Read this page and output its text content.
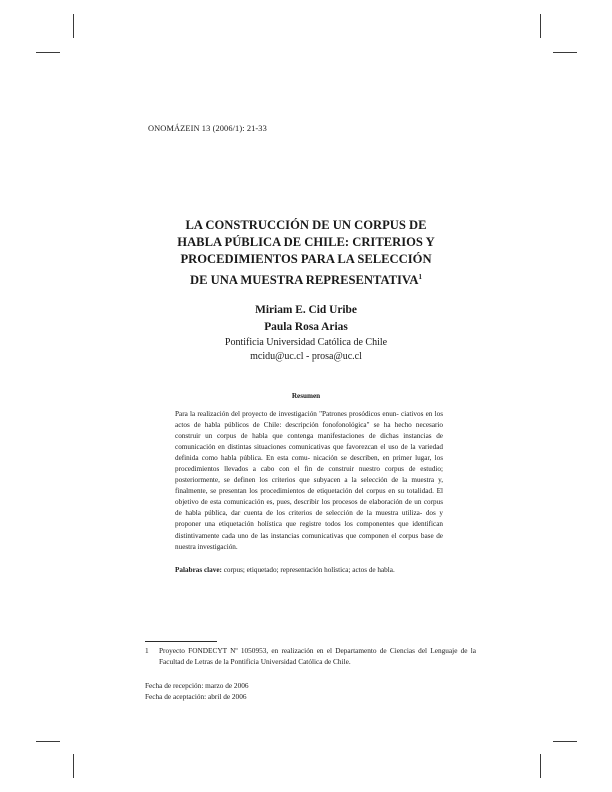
ONOMÁZEIN 13 (2006/1): 21-33
LA CONSTRUCCIÓN DE UN CORPUS DE
HABLA PÚBLICA DE CHILE: CRITERIOS Y
PROCEDIMIENTOS PARA LA SELECCIÓN
DE UNA MUESTRA REPRESENTATIVA$^1$
Miriam E. Cid Uribe
Paula Rosa Arias
Pontificia Universidad Católica de Chile
mcidu@uc.cl - prosa@uc.cl
Resumen

Para la realización del proyecto de investigación "Patrones prosódicos enun- ciativos en los actos de habla públicos de Chile: descripción fonofonológica" se ha hecho necesario construir un corpus de habla que contenga manifestaciones de dichas instancias de comunicación en distintas situaciones comunicativas que favorezcan el uso de la variedad definida como habla pública. En esta comu- nicación se describen, en primer lugar, los procedimientos llevados a cabo con el fin de construir nuestro corpus de estudio; posteriormente, se definen los criterios que subyacen a la selección de la muestra y, finalmente, se presentan los procedimientos de etiquetación del corpus en su totalidad. El objetivo de esta comunicación es, pues, describir los procesos de elaboración de un corpus de habla pública, dar cuenta de los criterios de selección de la muestra utiliza- dos y proponer una etiquetación holística que registre todos los componentes que identifican distintivamente cada uno de las instancias comunicativas que componen el corpus base de nuestra investigación.

Palabras clave: corpus; etiquetado; representación holística; actos de habla.

1 Proyecto FONDECYT Nº 1050953, en realización en el Departamento de Ciencias del Lenguaje de la Facultad de Letras de la Pontificia Universidad Católica de Chile.
Fecha de recepción: marzo de 2006
Fecha de aceptación: abril de 2006
